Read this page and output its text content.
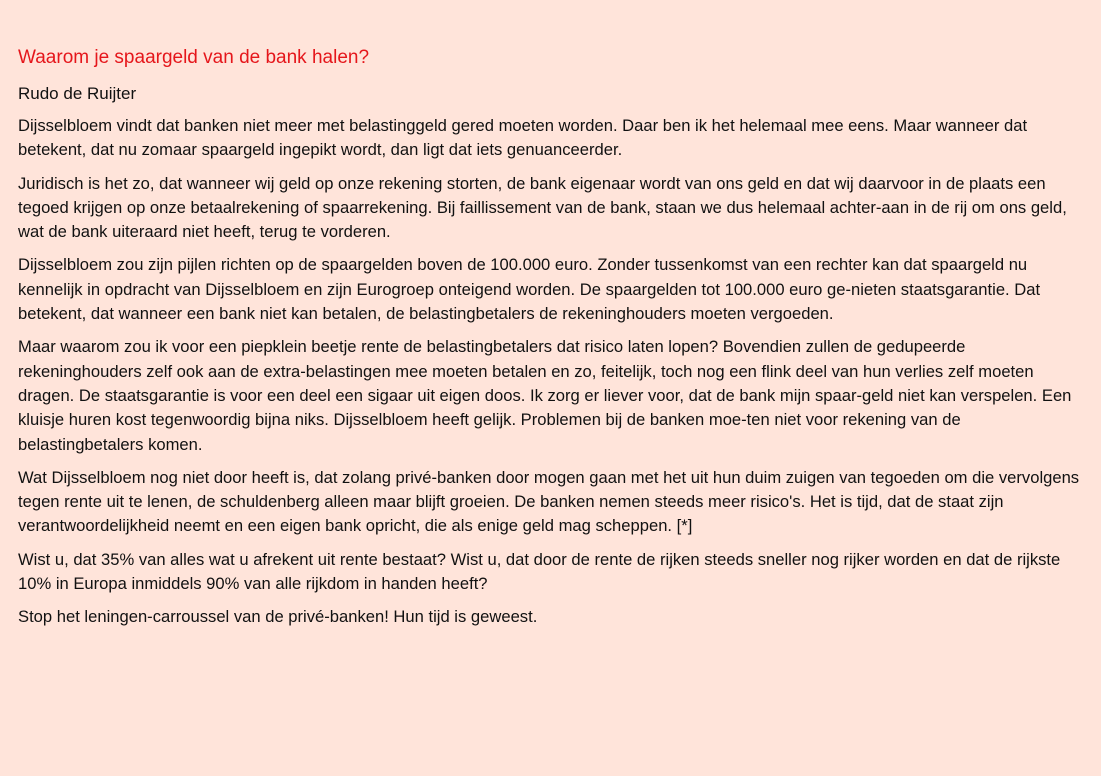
Waarom je spaargeld van de bank halen?

Rudo de Ruijter

Dijsselbloem vindt dat banken niet meer met belastinggeld gered moeten worden. Daar ben ik het helemaal mee eens. Maar wanneer dat betekent, dat nu zomaar spaargeld ingepikt wordt, dan ligt dat iets genuanceerder.

Juridisch is het zo, dat wanneer wij geld op onze rekening storten, de bank eigenaar wordt van ons geld en dat wij daarvoor in de plaats een tegoed krijgen op onze betaalrekening of spaarrekening. Bij faillissement van de bank, staan we dus helemaal achter-aan in de rij om ons geld, wat de bank uiteraard niet heeft, terug te vorderen.

Dijsselbloem zou zijn pijlen richten op de spaargelden boven de 100.000 euro. Zonder tussenkomst van een rechter kan dat spaargeld nu kennelijk in opdracht van Dijsselbloem en zijn Eurogroep onteigend worden. De spaargelden tot 100.000 euro ge-nieten staatsgarantie. Dat betekent, dat wanneer een bank niet kan betalen, de belastingbetalers de rekeninghouders moeten vergoeden.

Maar waarom zou ik voor een piepklein beetje rente de belastingbetalers dat risico laten lopen? Bovendien zullen de gedupeerde rekeninghouders zelf ook aan de extra-belastingen mee moeten betalen en zo, feitelijk, toch nog een flink deel van hun verlies zelf moeten dragen. De staatsgarantie is voor een deel een sigaar uit eigen doos. Ik zorg er liever voor, dat de bank mijn spaar-geld niet kan verspelen. Een kluisje huren kost tegenwoordig bijna niks. Dijsselbloem heeft gelijk. Problemen bij de banken moe-ten niet voor rekening van de belastingbetalers komen.

Wat Dijsselbloem nog niet door heeft is, dat zolang privé-banken door mogen gaan met het uit hun duim zuigen van tegoeden om die vervolgens tegen rente uit te lenen, de schuldenberg alleen maar blijft groeien. De banken nemen steeds meer risico's. Het is tijd, dat de staat zijn verantwoordelijkheid neemt en een eigen bank opricht, die als enige geld mag scheppen. [*]

Wist u, dat 35% van alles wat u afrekent uit rente bestaat? Wist u, dat door de rente de rijken steeds sneller nog rijker worden en dat de rijkste 10% in Europa inmiddels 90% van alle rijkdom in handen heeft?

Stop het leningen-carroussel van de privé-banken! Hun tijd is geweest.
